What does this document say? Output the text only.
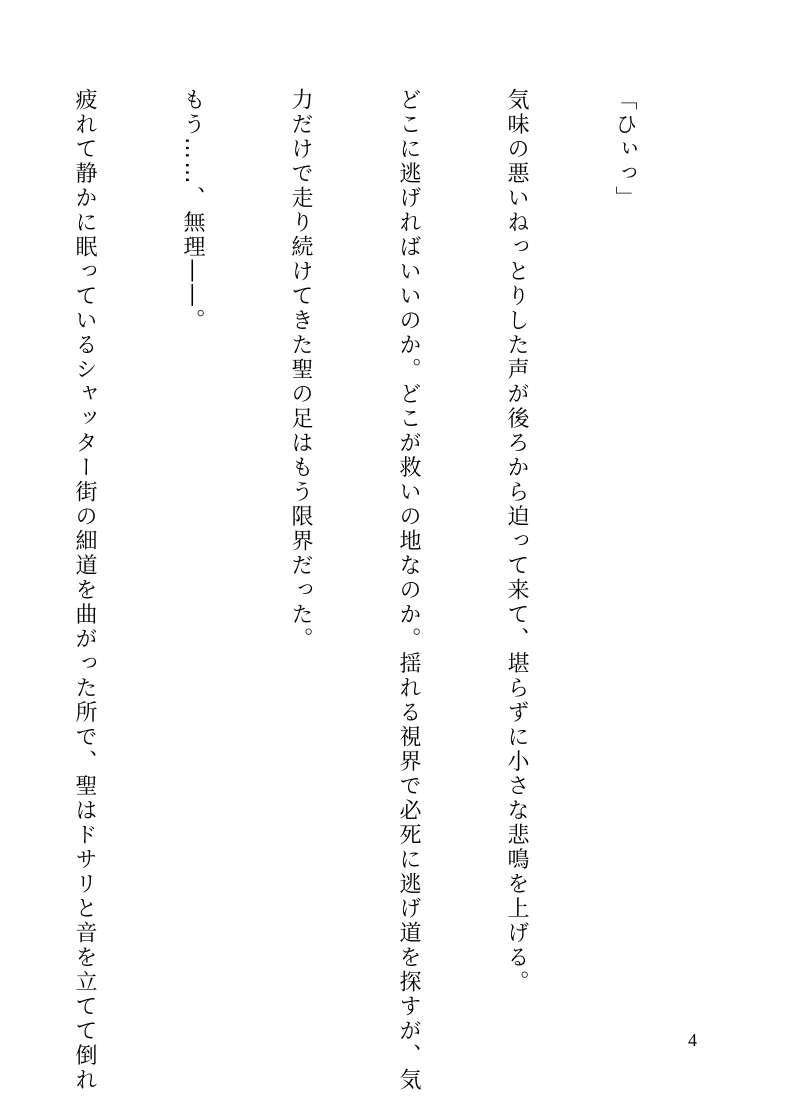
「ひぃっ」

気味の悪いねっとりした声が後ろから迫って来て、堪らずに小さな悲鳴を上げる。

どこに逃げればいいのか。どこが救いの地なのか。揺れる視界で必死に逃げ道を探すが、気

力だけで走り続けてきた聖の足はもう限界だった。

もう……、無理――。

疲れて静かに眠っているシャッター街の細道を曲がった所で、聖はドサリと音を立てて倒れ

	4
